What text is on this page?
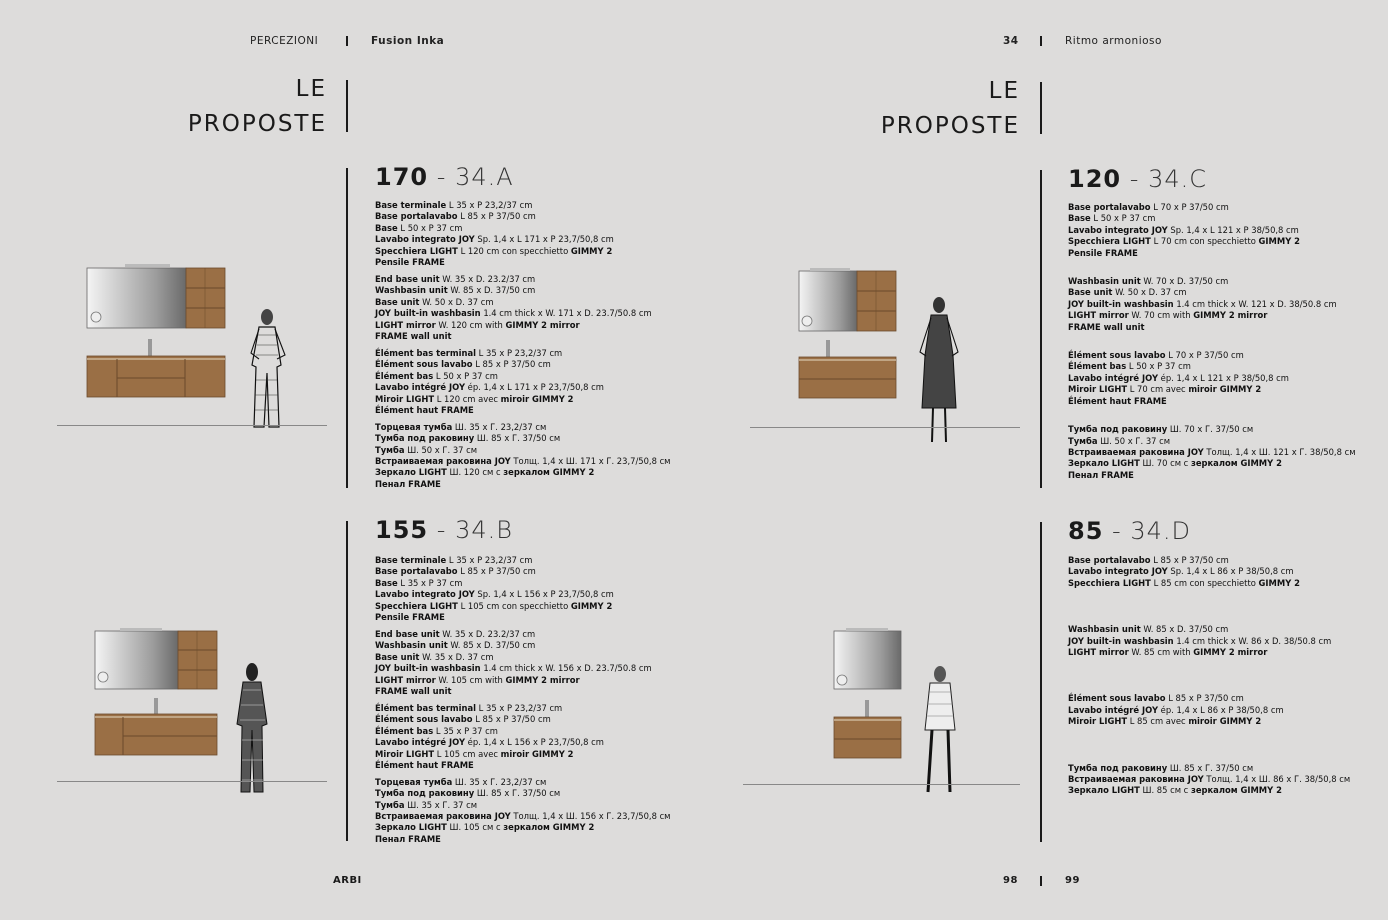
PERCEZIONI	Fusion Inka	34	Ritmo armonioso
LE
PROPOSTE
LE
PROPOSTE
170 - 34.A
155 - 34.B
120 - 34.C
85 - 34.D
Base terminale L 35 x P 23,2/37 cm
Base portalavabo L 85 x P 37/50 cm
Base L 50 x P 37 cm
Lavabo integrato JOY Sp. 1,4 x L 171 x P 23,7/50,8 cm
Specchiera LIGHT L 120 cm con specchietto GIMMY 2
Pensile FRAME
End base unit W. 35 x D. 23.2/37 cm
Washbasin unit W. 85 x D. 37/50 cm
Base unit W. 50 x D. 37 cm
JOY built-in washbasin 1.4 cm thick x W. 171 x D. 23.7/50.8 cm
LIGHT mirror W. 120 cm with GIMMY 2 mirror
FRAME wall unit
Élément bas terminal L 35 x P 23,2/37 cm
Élément sous lavabo L 85 x P 37/50 cm
Élément bas L 50 x P 37 cm
Lavabo intégré JOY ép. 1,4 x L 171 x P 23,7/50,8 cm
Miroir LIGHT L 120 cm avec miroir GIMMY 2
Élément haut FRAME
Торцевая тумба Ш. 35 x Г. 23,2/37 см
Тумба под раковину Ш. 85 x Г. 37/50 см
Тумба Ш. 50 x Г. 37 см
Встраиваемая раковина JOY Толщ. 1,4 x Ш. 171 x Г. 23,7/50,8 см
Зеркало LIGHT Ш. 120 см с зеркалом GIMMY 2
Пенал FRAME
Base terminale L 35 x P 23,2/37 cm
Base portalavabo L 85 x P 37/50 cm
Base L 35 x P 37 cm
Lavabo integrato JOY Sp. 1,4 x L 156 x P 23,7/50,8 cm
Specchiera LIGHT L 105 cm con specchietto GIMMY 2
Pensile FRAME
End base unit W. 35 x D. 23.2/37 cm
Washbasin unit W. 85 x D. 37/50 cm
Base unit W. 35 x D. 37 cm
JOY built-in washbasin 1.4 cm thick x W. 156 x D. 23.7/50.8 cm
LIGHT mirror W. 105 cm with GIMMY 2 mirror
FRAME wall unit
Élément bas terminal L 35 x P 23,2/37 cm
Élément sous lavabo L 85 x P 37/50 cm
Élément bas L 35 x P 37 cm
Lavabo intégré JOY ép. 1,4 x L 156 x P 23,7/50,8 cm
Miroir LIGHT L 105 cm avec miroir GIMMY 2
Élément haut FRAME
Торцевая тумба Ш. 35 x Г. 23,2/37 см
Тумба под раковину Ш. 85 x Г. 37/50 см
Тумба Ш. 35 x Г. 37 см
Встраиваемая раковина JOY Толщ. 1,4 x Ш. 156 x Г. 23,7/50,8 см
Зеркало LIGHT Ш. 105 см с зеркалом GIMMY 2
Пенал FRAME
Base portalavabo L 70 x P 37/50 cm
Base L 50 x P 37 cm
Lavabo integrato JOY Sp. 1,4 x L 121 x P 38/50,8 cm
Specchiera LIGHT L 70 cm con specchietto GIMMY 2
Pensile FRAME
Washbasin unit W. 70 x D. 37/50 cm
Base unit W. 50 x D. 37 cm
JOY built-in washbasin 1.4 cm thick x W. 121 x D. 38/50.8 cm
LIGHT mirror W. 70 cm with GIMMY 2 mirror
FRAME wall unit
Élément sous lavabo L 70 x P 37/50 cm
Élément bas L 50 x P 37 cm
Lavabo intégré JOY ép. 1,4 x L 121 x P 38/50,8 cm
Miroir LIGHT L 70 cm avec miroir GIMMY 2
Élément haut FRAME
Тумба под раковину Ш. 70 x Г. 37/50 см
Тумба Ш. 50 x Г. 37 см
Встраиваемая раковина JOY Толщ. 1,4 x Ш. 121 x Г. 38/50,8 см
Зеркало LIGHT Ш. 70 см с зеркалом GIMMY 2
Пенал FRAME
Base portalavabo L 85 x P 37/50 cm
Lavabo integrato JOY Sp. 1,4 x L 86 x P 38/50,8 cm
Specchiera LIGHT L 85 cm con specchietto GIMMY 2
Washbasin unit W. 85 x D. 37/50 cm
JOY built-in washbasin 1.4 cm thick x W. 86 x D. 38/50.8 cm
LIGHT mirror W. 85 cm with GIMMY 2 mirror
Élément sous lavabo L 85 x P 37/50 cm
Lavabo intégré JOY ép. 1,4 x L 86 x P 38/50,8 cm
Miroir LIGHT L 85 cm avec miroir GIMMY 2
Тумба под раковину Ш. 85 x Г. 37/50 см
Встраиваемая раковина JOY Толщ. 1,4 x Ш. 86 x Г. 38/50,8 см
Зеркало LIGHT Ш. 85 см с зеркалом GIMMY 2
ARBI	98	99
